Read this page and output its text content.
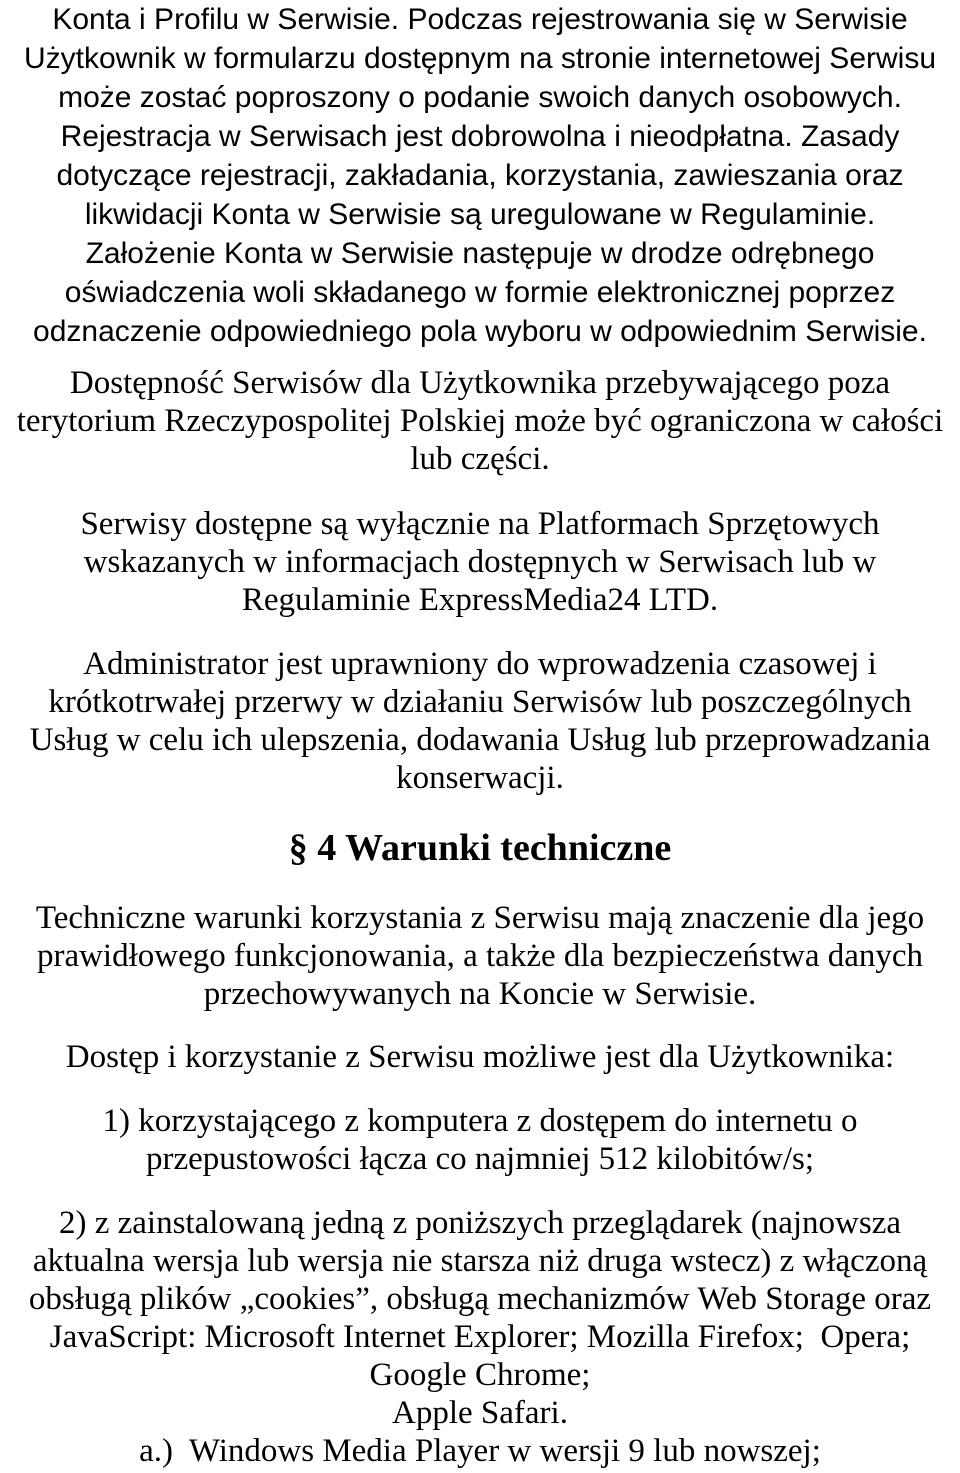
Konta i Profilu w Serwisie. Podczas rejestrowania się w Serwisie
Użytkownik w formularzu dostępnym na stronie internetowej Serwisu
może zostać poproszony o podanie swoich danych osobowych.
Rejestracja w Serwisach jest dobrowolna i nieodpłatna. Zasady
dotyczące rejestracji, zakładania, korzystania, zawieszania oraz
likwidacji Konta w Serwisie są uregulowane w Regulaminie.
Założenie Konta w Serwisie następuje w drodze odrębnego
oświadczenia woli składanego w formie elektronicznej poprzez
odznaczenie odpowiedniego pola wyboru w odpowiednim Serwisie.
Dostępność Serwisów dla Użytkownika przebywającego poza
terytorium Rzeczypospolitej Polskiej może być ograniczona w całości
lub części.
Serwisy dostępne są wyłącznie na Platformach Sprzętowych
wskazanych w informacjach dostępnych w Serwisach lub w
Regulaminie ExpressMedia24 LTD.
Administrator jest uprawniony do wprowadzenia czasowej i
krótkotrwałej przerwy w działaniu Serwisów lub poszczególnych
Usług w celu ich ulepszenia, dodawania Usług lub przeprowadzania
konserwacji.
§ 4 Warunki techniczne
Techniczne warunki korzystania z Serwisu mają znaczenie dla jego
prawidłowego funkcjonowania, a także dla bezpieczeństwa danych
przechowywanych na Koncie w Serwisie.
Dostęp i korzystanie z Serwisu możliwe jest dla Użytkownika:
1) korzystającego z komputera z dostępem do internetu o
przepustowości łącza co najmniej 512 kilobitów/s;
2) z zainstalowaną jedną z poniższych przeglądarek (najnowsza
aktualna wersja lub wersja nie starsza niż druga wstecz) z włączoną
obsługą plików „cookies”, obsługą mechanizmów Web Storage oraz
JavaScript: Microsoft Internet Explorer; Mozilla Firefox;  Opera;
Google Chrome;
Apple Safari.
a.)  Windows Media Player w wersji 9 lub nowszej;
